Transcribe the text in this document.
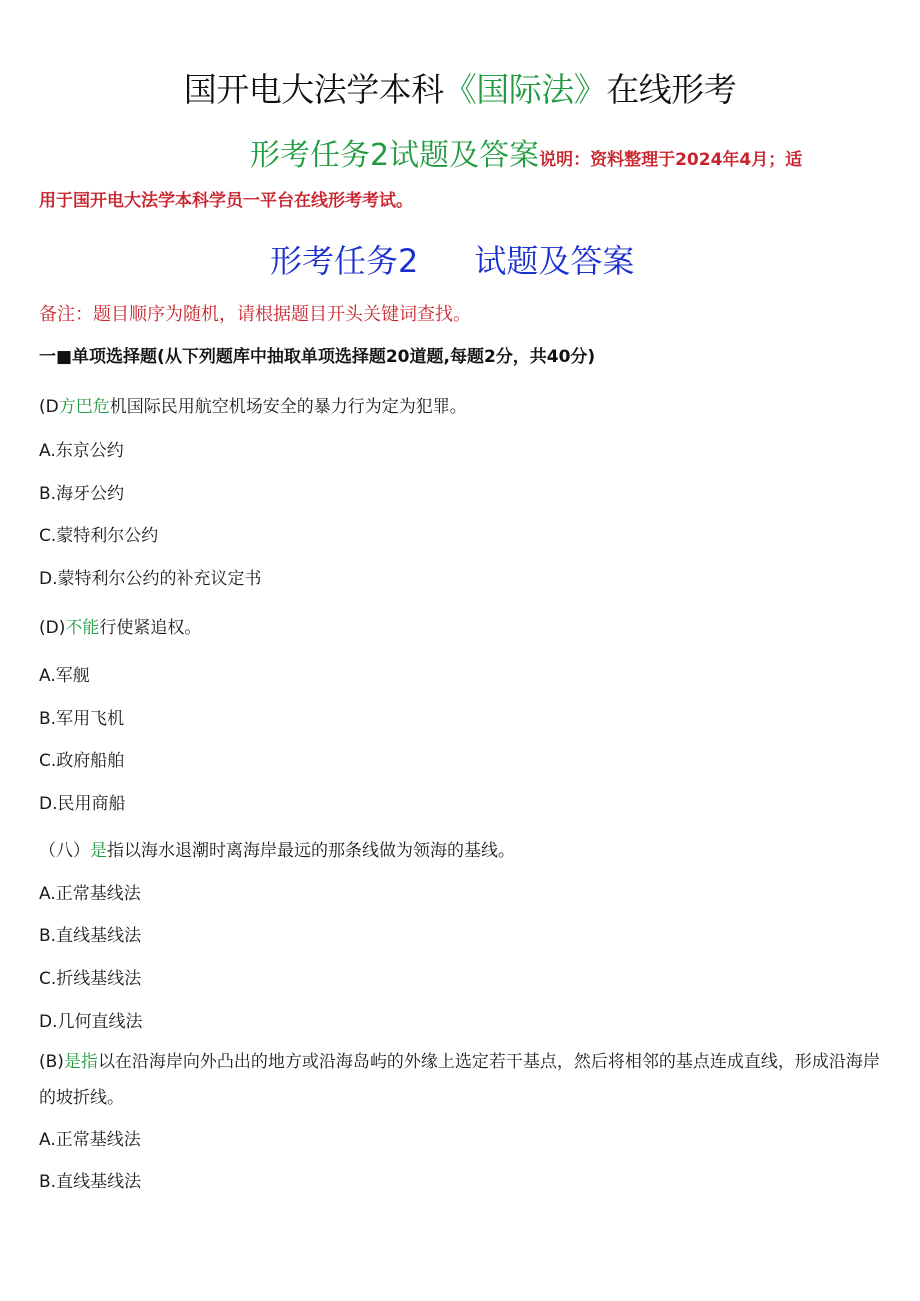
国开电大法学本科《国际法》在线形考
形考任务2试题及答案说明：资料整理于2024年4月；适
用于国开电大法学本科学员一平台在线形考考试。
形考任务2 试题及答案
备注：题目顺序为随机，请根据题目开头关键词查找。
一■单项选择题(从下列题库中抽取单项选择题20道题,每题2分，共40分)
(D方巴危机国际民用航空机场安全的暴力行为定为犯罪。
A.东京公约
B.海牙公约
C.蒙特利尔公约
D.蒙特利尔公约的补充议定书
(D)不能行使紧追权。
A.军舰
B.军用飞机
C.政府船舶
D.民用商船
（八）是指以海水退潮时离海岸最远的那条线做为领海的基线。
A.正常基线法
B.直线基线法
C.折线基线法
D.几何直线法
(B)是指以在沿海岸向外凸出的地方或沿海岛屿的外缘上选定若干基点，然后将相邻的基点连成直线，形成沿海岸的坡折线。
A.正常基线法
B.直线基线法
